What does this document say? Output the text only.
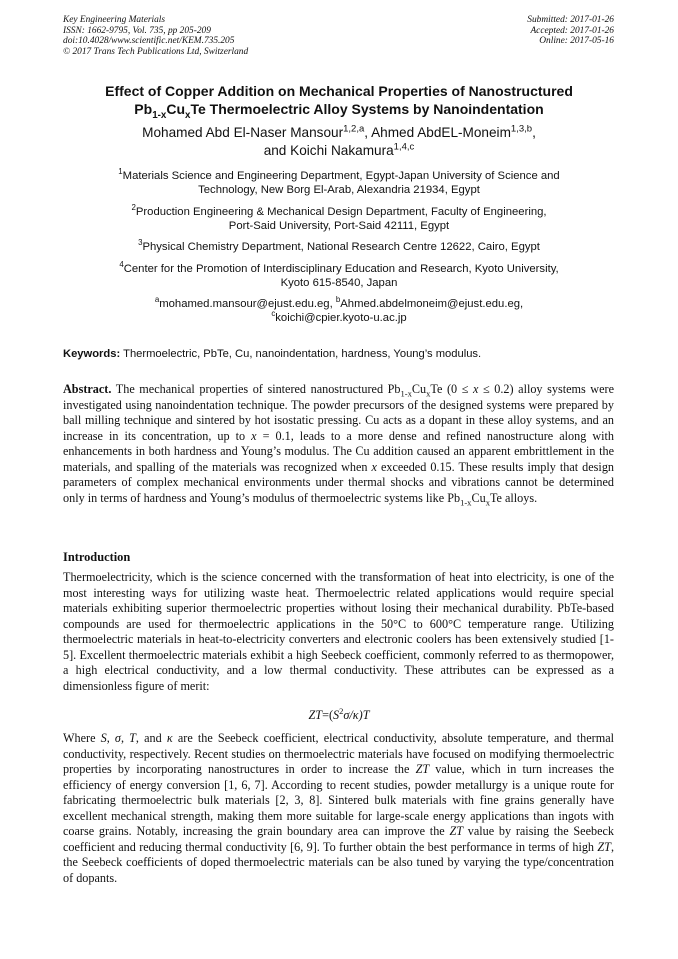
Key Engineering Materials
ISSN: 1662-9795, Vol. 735, pp 205-209
doi:10.4028/www.scientific.net/KEM.735.205
© 2017 Trans Tech Publications Ltd, Switzerland
Submitted: 2017-01-26
Accepted: 2017-01-26
Online: 2017-05-16
Effect of Copper Addition on Mechanical Properties of Nanostructured
$Pb_{1-x}Cu_xTe$ Thermoelectric Alloy Systems by Nanoindentation
Mohamed Abd El-Naser Mansour$^{1,2,a}$, Ahmed AbdEL-Moneim$^{1,3,b}$,
and Koichi Nakamura$^{1,4,c}$
$^1$Materials Science and Engineering Department, Egypt-Japan University of Science and
Technology, New Borg El-Arab, Alexandria 21934, Egypt
$^2$Production Engineering & Mechanical Design Department, Faculty of Engineering,
Port-Said University, Port-Said 42111, Egypt
$^3$Physical Chemistry Department, National Research Centre 12622, Cairo, Egypt
$^4$Center for the Promotion of Interdisciplinary Education and Research, Kyoto University,
Kyoto 615-8540, Japan
$^a$mohamed.mansour@ejust.edu.eg, $^b$Ahmed.abdelmoneim@ejust.edu.eg,
$^c$koichi@cpier.kyoto-u.ac.jp
Keywords: Thermoelectric, PbTe, Cu, nanoindentation, hardness, Young’s modulus.
Abstract. The mechanical properties of sintered nanostructured $Pb_{1-x}Cu_xTe$ (0 ≤ x ≤ 0.2) alloy systems were investigated using nanoindentation technique. The powder precursors of the designed systems were prepared by ball milling technique and sintered by hot isostatic pressing. Cu acts as a dopant in these alloy systems, and an increase in its concentration, up to x = 0.1, leads to a more dense and refined nanostructure along with enhancements in both hardness and Young’s modulus. The Cu addition caused an apparent embrittlement in the materials, and spalling of the materials was recognized when x exceeded 0.15. These results imply that design parameters of complex mechanical environments under thermal shocks and vibrations cannot be determined only in terms of hardness and Young’s modulus of thermoelectric systems like $Pb_{1-x}Cu_xTe$ alloys.
Introduction
Thermoelectricity, which is the science concerned with the transformation of heat into electricity, is one of the most interesting ways for utilizing waste heat. Thermoelectric related applications would require special materials exhibiting superior thermoelectric properties without losing their mechanical durability. PbTe-based compounds are used for thermoelectric applications in the 50°C to 600°C temperature range. Utilizing thermoelectric materials in heat-to-electricity converters and electronic coolers has been extensively studied [1-5]. Excellent thermoelectric materials exhibit a high Seebeck coefficient, commonly referred to as thermopower, a high electrical conductivity, and a low thermal conductivity. These attributes can be expressed as a dimensionless figure of merit:
$ZT=(S^2\sigma/\kappa)T$
Where S, σ, T, and κ are the Seebeck coefficient, electrical conductivity, absolute temperature, and thermal conductivity, respectively. Recent studies on thermoelectric materials have focused on modifying thermoelectric properties by incorporating nanostructures in order to increase the ZT value, which in turn increases the efficiency of energy conversion [1, 6, 7]. According to recent studies, powder metallurgy is a unique route for fabricating thermoelectric bulk materials [2, 3, 8]. Sintered bulk materials with fine grains generally have excellent mechanical strength, making them more suitable for large-scale energy applications than ingots with coarse grains. Notably, increasing the grain boundary area can improve the ZT value by raising the Seebeck coefficient and reducing thermal conductivity [6, 9]. To further obtain the best performance in terms of high ZT, the Seebeck coefficients of doped thermoelectric materials can be also tuned by varying the type/concentration of dopants.
